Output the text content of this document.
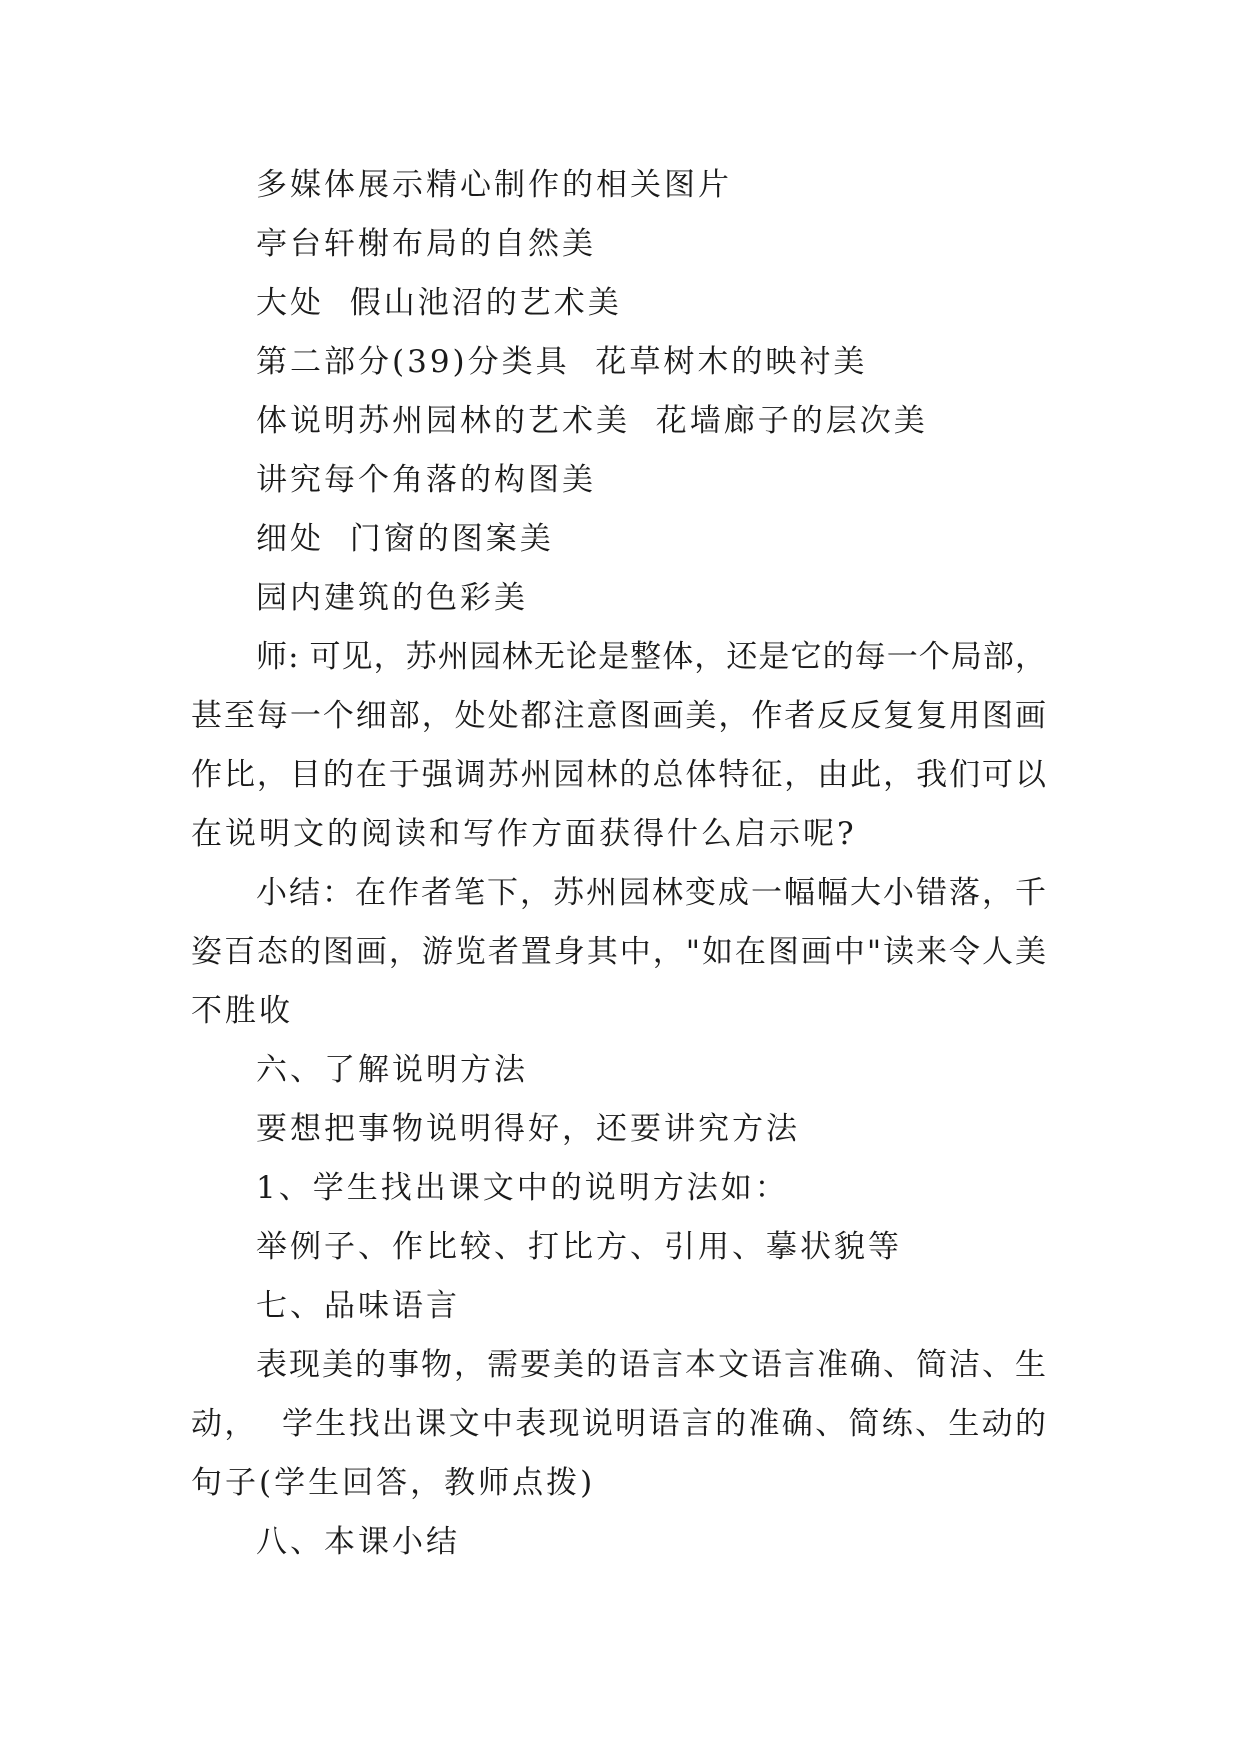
多媒体展示精心制作的相关图片
亭台轩榭布局的自然美
大处  假山池沼的艺术美
第二部分(39)分类具  花草树木的映衬美
体说明苏州园林的艺术美  花墙廊子的层次美
讲究每个角落的构图美
细处  门窗的图案美
园内建筑的色彩美
师: 可见，苏州园林无论是整体，还是它的每一个局部，
甚至每一个细部，处处都注意图画美，作者反反复复用图画
作比，目的在于强调苏州园林的总体特征，由此，我们可以
在说明文的阅读和写作方面获得什么启示呢?
小结：在作者笔下，苏州园林变成一幅幅大小错落，千
姿百态的图画，游览者置身其中，"如在图画中"读来令人美
不胜收
六、了解说明方法
要想把事物说明得好，还要讲究方法
1、学生找出课文中的说明方法如：
举例子、作比较、打比方、引用、摹状貌等
七、品味语言
表现美的事物，需要美的语言本文语言准确、简洁、生
动，  学生找出课文中表现说明语言的准确、简练、生动的
句子(学生回答，教师点拨)
八、本课小结
